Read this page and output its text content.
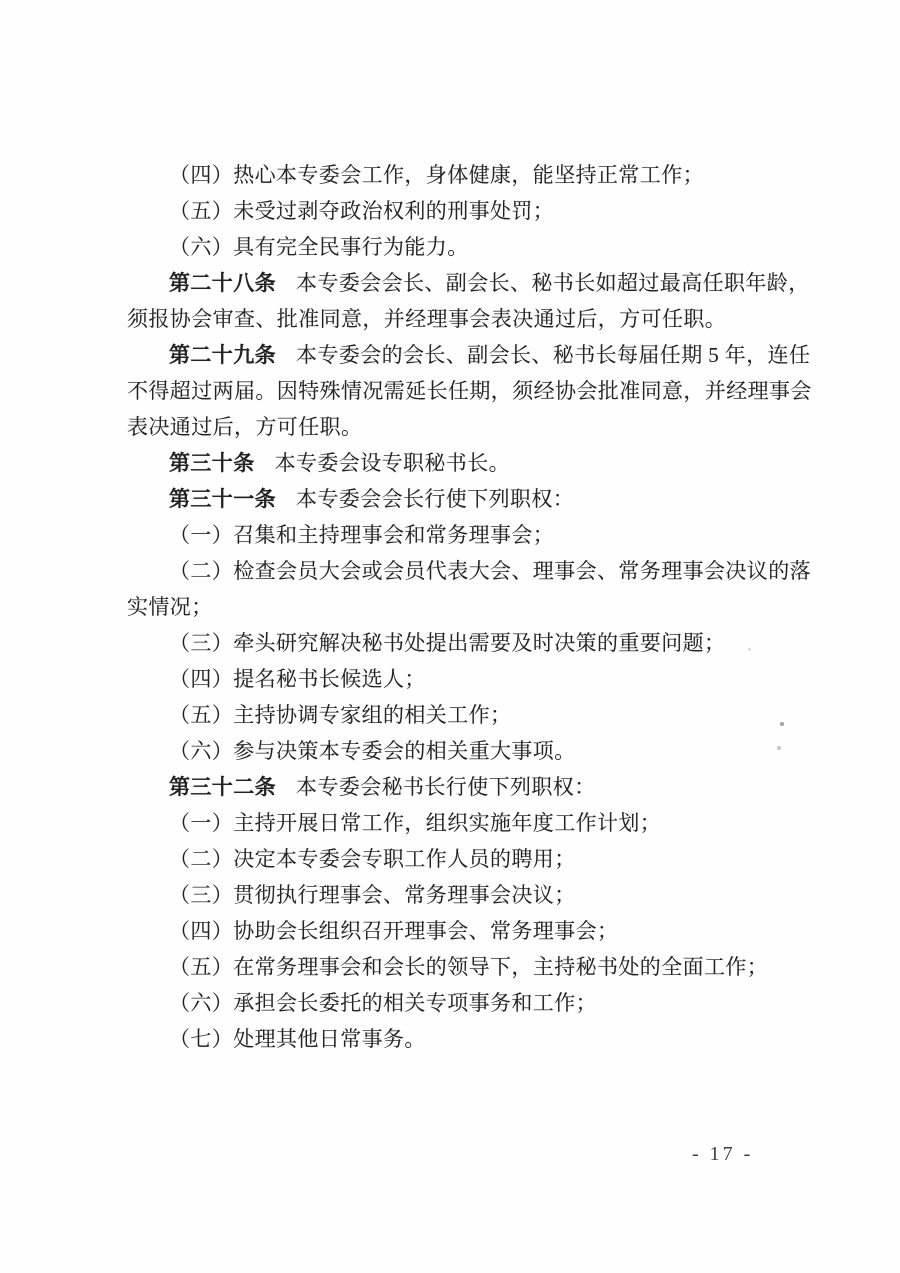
（四）热心本专委会工作，身体健康，能坚持正常工作；

（五）未受过剥夺政治权利的刑事处罚；

（六）具有完全民事行为能力。

第二十八条 本专委会会长、副会长、秘书长如超过最高任职年龄，

须报协会审查、批准同意，并经理事会表决通过后，方可任职。

第二十九条 本专委会的会长、副会长、秘书长每届任期 5 年，连任

不得超过两届。因特殊情况需延长任期，须经协会批准同意，并经理事会

表决通过后，方可任职。

第三十条 本专委会设专职秘书长。

第三十一条 本专委会会长行使下列职权：

（一）召集和主持理事会和常务理事会；

（二）检查会员大会或会员代表大会、理事会、常务理事会决议的落

实情况；

（三）牵头研究解决秘书处提出需要及时决策的重要问题；

（四）提名秘书长候选人；

（五）主持协调专家组的相关工作；

（六）参与决策本专委会的相关重大事项。

第三十二条 本专委会秘书长行使下列职权：

（一）主持开展日常工作，组织实施年度工作计划；

（二）决定本专委会专职工作人员的聘用；

（三）贯彻执行理事会、常务理事会决议；

（四）协助会长组织召开理事会、常务理事会；

（五）在常务理事会和会长的领导下，主持秘书处的全面工作；

（六）承担会长委托的相关专项事务和工作；

（七）处理其他日常事务。

- 17 -
